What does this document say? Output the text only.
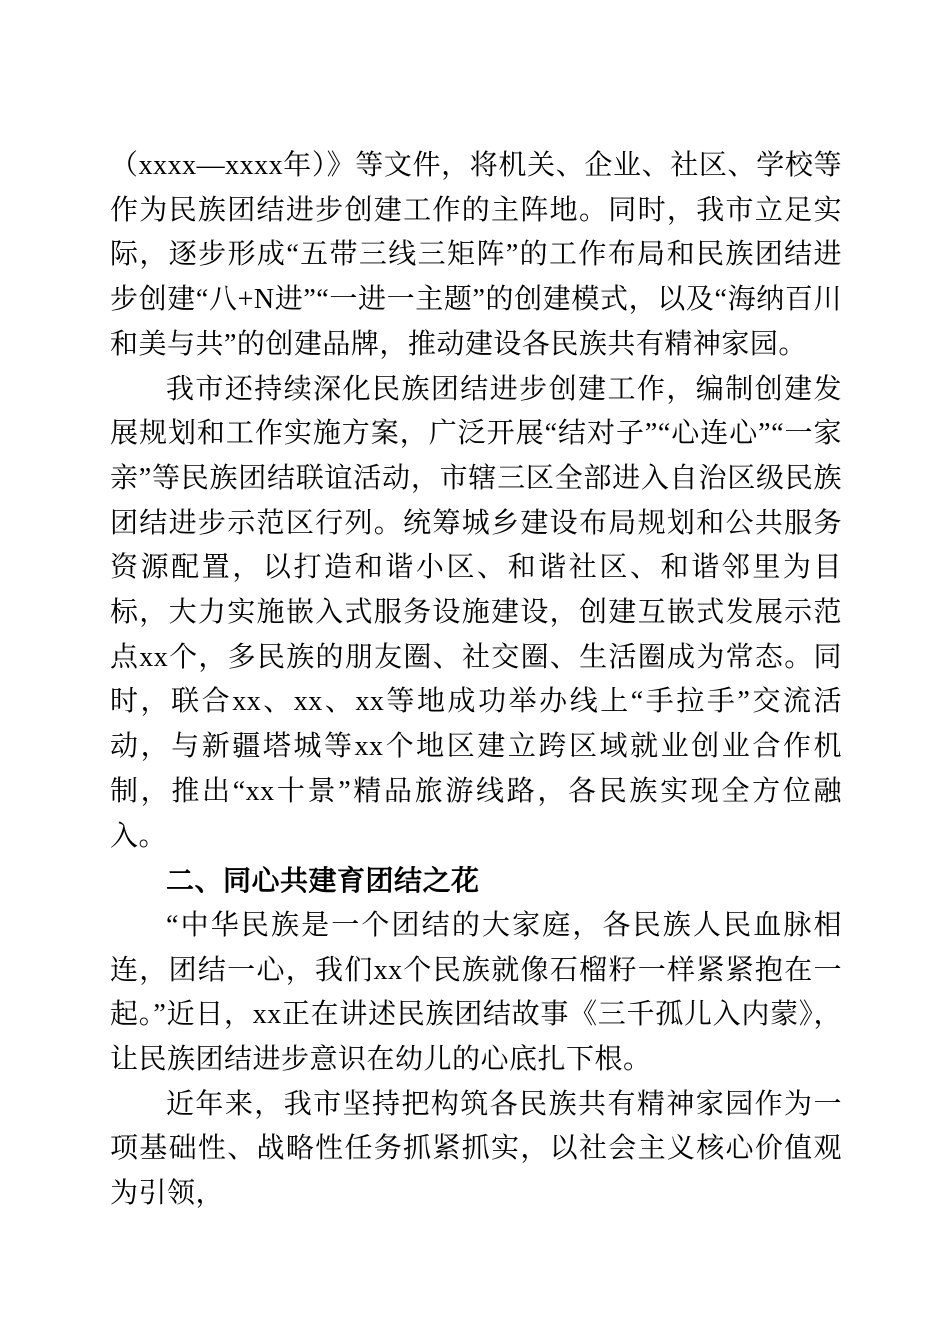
（xxxx—xxxx年）》等文件，将机关、企业、社区、学校等作为民族团结进步创建工作的主阵地。同时，我市立足实际，逐步形成“五带三线三矩阵”的工作布局和民族团结进步创建“八+N进”“一进一主题”的创建模式，以及“海纳百川和美与共”的创建品牌，推动建设各民族共有精神家园。

我市还持续深化民族团结进步创建工作，编制创建发展规划和工作实施方案，广泛开展“结对子”“心连心”“一家亲”等民族团结联谊活动，市辖三区全部进入自治区级民族团结进步示范区行列。统筹城乡建设布局规划和公共服务资源配置，以打造和谐小区、和谐社区、和谐邻里为目标，大力实施嵌入式服务设施建设，创建互嵌式发展示范点xx个，多民族的朋友圈、社交圈、生活圈成为常态。同时，联合xx、xx、xx等地成功举办线上“手拉手”交流活动，与新疆塔城等xx个地区建立跨区域就业创业合作机制，推出“xx十景”精品旅游线路，各民族实现全方位融入。

二、同心共建育团结之花

“中华民族是一个团结的大家庭，各民族人民血脉相连，团结一心，我们xx个民族就像石榴籽一样紧紧抱在一起。”近日，xx正在讲述民族团结故事《三千孤儿入内蒙》，让民族团结进步意识在幼儿的心底扎下根。

近年来，我市坚持把构筑各民族共有精神家园作为一项基础性、战略性任务抓紧抓实，以社会主义核心价值观为引领，
